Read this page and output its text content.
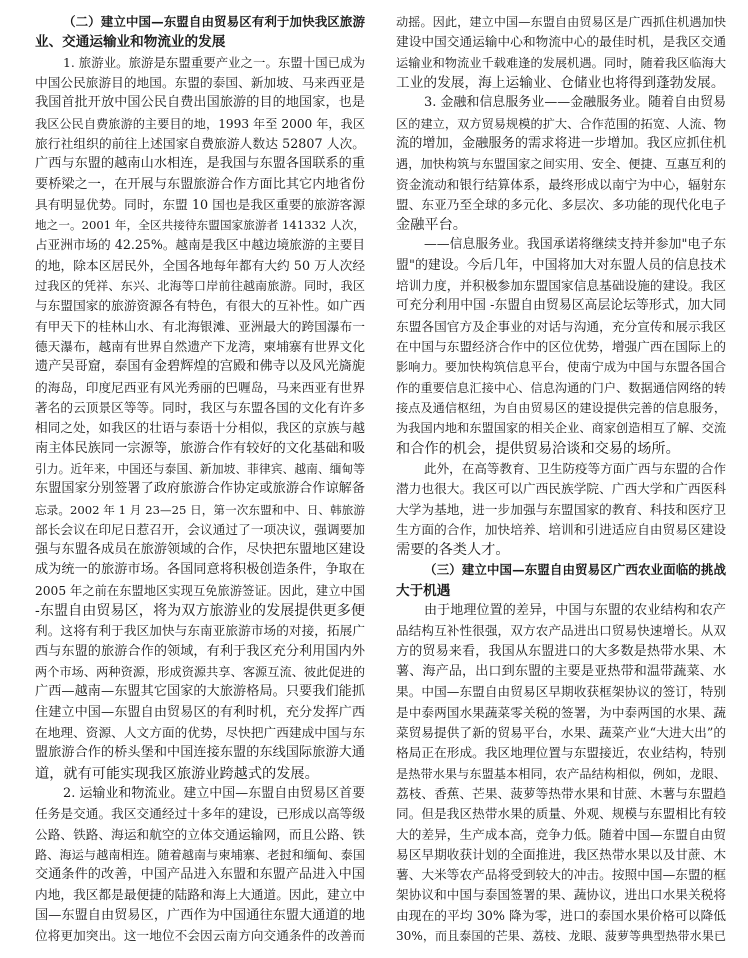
（二）建立中国—东盟自由贸易区有利于加快我区旅游
业、交通运输业和物流业的发展
1. 旅游业。旅游是东盟重要产业之一。东盟十国已成为
中国公民旅游目的地国。东盟的泰国、新加坡、马来西亚是
我国首批开放中国公民自费出国旅游的目的地国家，也是
我区公民自费旅游的主要目的地，1993 年至 2000 年，我区
旅行社组织的前往上述国家自费旅游人数达 52807 人次。
广西与东盟的越南山水相连，是我国与东盟各国联系的重
要桥梁之一，在开展与东盟旅游合作方面比其它内地省份
具有明显优势。同时，东盟 10 国也是我区重要的旅游客源
地之一。2001 年，全区共接待东盟国家旅游者 141332 人次，
占亚洲市场的 42.25%。越南是我区中越边境旅游的主要目
的地，除本区居民外，全国各地每年都有大约 50 万人次经
过我区的凭祥、东兴、北海等口岸前往越南旅游。同时，我区
与东盟国家的旅游资源各有特色，有很大的互补性。如广西
有甲天下的桂林山水、有北海银滩、亚洲最大的跨国瀑布一
德天瀑布，越南有世界自然遗产下龙湾，柬埔寨有世界文化
遗产吴哥窟，泰国有金碧辉煌的宫殿和佛寺以及风光旖旎
的海岛，印度尼西亚有风光秀丽的巴喱岛，马来西亚有世界
著名的云顶景区等等。同时，我区与东盟各国的文化有许多
相同之处，如我区的壮语与泰语十分相似，我区的京族与越
南主体民族同一宗源等，旅游合作有较好的文化基础和吸
引力。近年来，中国还与泰国、新加坡、菲律宾、越南、缅甸等
东盟国家分别签署了政府旅游合作协定或旅游合作谅解备
忘录。2002 年 1 月 23—25 日，第一次东盟和中、日、韩旅游
部长会议在印尼日惹召开，会议通过了一项决议，强调要加
强与东盟各成员在旅游领域的合作，尽快把东盟地区建设
成为统一的旅游市场。各国同意将积极创造条件，争取在
2005 年之前在东盟地区实现互免旅游签证。因此，建立中国
-东盟自由贸易区，将为双方旅游业的发展提供更多便
利。这将有利于我区加快与东南亚旅游市场的对接，拓展广
西与东盟的旅游合作的领域，有利于我区充分利用国内外
两个市场、两种资源，形成资源共享、客源互流、彼此促进的
广西—越南—东盟其它国家的大旅游格局。只要我们能抓
住建立中国—东盟自由贸易区的有利时机，充分发挥广西
在地理、资源、人文方面的优势，尽快把广西建成中国与东
盟旅游合作的桥头堡和中国连接东盟的东线国际旅游大通
道，就有可能实现我区旅游业跨越式的发展。
2. 运输业和物流业。建立中国—东盟自由贸易区首要
任务是交通。我区交通经过十多年的建设，已形成以高等级
公路、铁路、海运和航空的立体交通运输网，而且公路、铁
路、海运与越南相连。随着越南与柬埔寨、老挝和缅甸、泰国
交通条件的改善，中国产品进入东盟和东盟产品进入中国
内地，我区都是最便捷的陆路和海上大通道。因此，建立中
国—东盟自由贸易区，广西作为中国通往东盟大通道的地
位将更加突出。这一地位不会因云南方向交通条件的改善而
动摇。因此，建立中国—东盟自由贸易区是广西抓住机遇加快
建设中国交通运输中心和物流中心的最佳时机，是我区交通
运输业和物流业千载难逢的发展机遇。同时，随着我区临海大
工业的发展，海上运输业、仓储业也将得到蓬勃发展。
3. 金融和信息服务业——金融服务业。随着自由贸易
区的建立，双方贸易规模的扩大、合作范围的拓宽、人流、物
流的增加，金融服务的需求将进一步增加。我区应抓住机
遇，加快构筑与东盟国家之间实用、安全、便捷、互惠互利的
资金流动和银行结算体系，最终形成以南宁为中心，辐射东
盟、东亚乃至全球的多元化、多层次、多功能的现代化电子
金融平台。
——信息服务业。我国承诺将继续支持并参加"电子东
盟"的建设。今后几年，中国将加大对东盟人员的信息技术
培训力度，并积极参加东盟国家信息基础设施的建设。我区
可充分利用中国 -东盟自由贸易区高层论坛等形式，加大同
东盟各国官方及企事业的对话与沟通，充分宣传和展示我区
在中国与东盟经济合作中的区位优势，增强广西在国际上的
影响力。要加快构筑信息平台，使南宁成为中国与东盟各国合
作的重要信息汇接中心、信息沟通的门户、数据通信网络的转
接点及通信枢纽，为自由贸易区的建设提供完善的信息服务，
为我国内地和东盟国家的相关企业、商家创造相互了解、交流
和合作的机会，提供贸易洽谈和交易的场所。
此外，在高等教育、卫生防疫等方面广西与东盟的合作
潜力也很大。我区可以广西民族学院、广西大学和广西医科
大学为基地，进一步加强与东盟国家的教育、科技和医疗卫
生方面的合作，加快培养、培训和引进适应自由贸易区建设
需要的各类人才。
（三）建立中国—东盟自由贸易区广西农业面临的挑战
大于机遇
由于地理位置的差异，中国与东盟的农业结构和农产
品结构互补性很强，双方农产品进出口贸易快速增长。从双
方的贸易来看，我国从东盟进口的大多数是热带水果、木
薯、海产品，出口到东盟的主要是亚热带和温带蔬菜、水
果。中国—东盟自由贸易区早期收获框架协议的签订，特别
是中泰两国水果蔬菜零关税的签署，为中泰两国的水果、蔬
菜贸易提供了新的贸易平台，水果、蔬菜产业“大进大出”的
格局正在形成。我区地理位置与东盟接近，农业结构，特别
是热带水果与东盟基本相同，农产品结构相似，例如，龙眼、
荔枝、香蕉、芒果、菠萝等热带水果和甘蔗、木薯与东盟趋
同。但是我区热带水果的质量、外观、规模与东盟相比有较
大的差异，生产成本高，竞争力低。随着中国—东盟自由贸
易区早期收获计划的全面推进，我区热带水果以及甘蔗、木
薯、大米等农产品将受到较大的冲击。按照中国—东盟的框
架协议和中国与泰国签署的果、蔬协议，进出口水果关税将
由现在的平均 30% 降为零，进口的泰国水果价格可以降低
30%，而且泰国的芒果、荔枝、龙眼、菠萝等典型热带水果已
